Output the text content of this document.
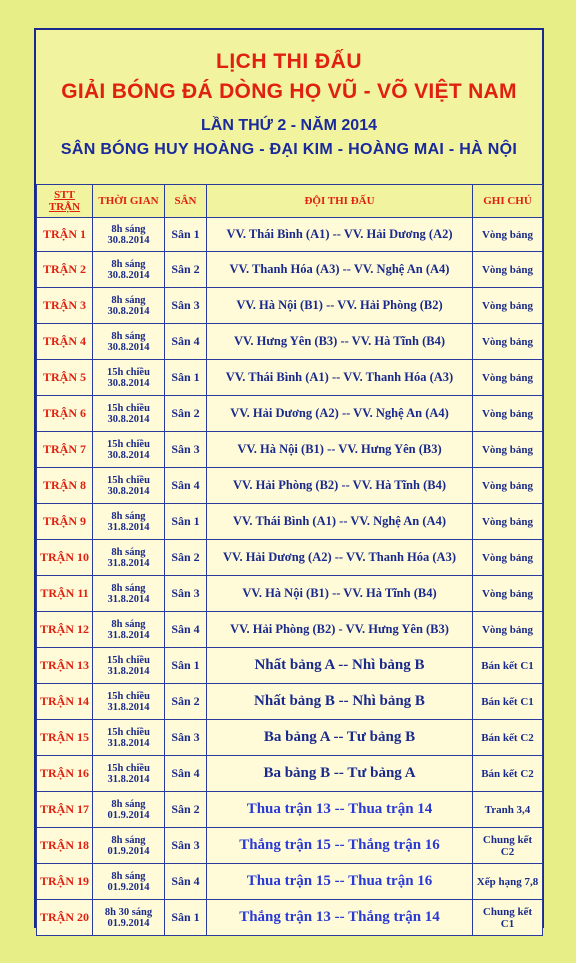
LỊCH THI ĐẤU
GIẢI BÓNG ĐÁ DÒNG HỌ VŨ - VÕ VIỆT NAM
LẦN THỨ 2 - NĂM 2014
SÂN BÓNG HUY HOÀNG - ĐẠI KIM - HOÀNG MAI - HÀ NỘI
STT
TRẬN	THỜI GIAN	SÂN	ĐỘI THI ĐẤU	GHI CHÚ

TRẬN 1	8h sáng
30.8.2014	Sân 1	VV. Thái Bình (A1) -- VV. Hải Dương (A2)	Vòng bảng

TRẬN 2	8h sáng
30.8.2014	Sân 2	VV. Thanh Hóa (A3) -- VV. Nghệ An (A4)	Vòng bảng

TRẬN 3	8h sáng
30.8.2014	Sân 3	VV. Hà Nội (B1) -- VV. Hải Phòng (B2)	Vòng bảng

TRẬN 4	8h sáng
30.8.2014	Sân 4	VV. Hưng Yên (B3) -- VV. Hà Tĩnh (B4)	Vòng bảng

TRẬN 5	15h chiều
30.8.2014	Sân 1	VV. Thái Bình (A1) -- VV. Thanh Hóa (A3)	Vòng bảng

TRẬN 6	15h chiều
30.8.2014	Sân 2	VV. Hải Dương (A2) -- VV. Nghệ An (A4)	Vòng bảng

TRẬN 7	15h chiều
30.8.2014	Sân 3	VV. Hà Nội (B1) -- VV. Hưng Yên (B3)	Vòng bảng

TRẬN 8	15h chiều
30.8.2014	Sân 4	VV. Hải Phòng (B2) -- VV. Hà Tĩnh (B4)	Vòng bảng

TRẬN 9	8h sáng
31.8.2014	Sân 1	VV. Thái Bình (A1) -- VV. Nghệ An (A4)	Vòng bảng

TRẬN 10	8h sáng
31.8.2014	Sân 2	VV. Hải Dương (A2) -- VV. Thanh Hóa (A3)	Vòng bảng

TRẬN 11	8h sáng
31.8.2014	Sân 3	VV. Hà Nội (B1) -- VV. Hà Tĩnh (B4)	Vòng bảng

TRẬN 12	8h sáng
31.8.2014	Sân 4	VV. Hải Phòng (B2) - VV. Hưng Yên (B3)	Vòng bảng

TRẬN 13	15h chiều
31.8.2014	Sân 1	Nhất bảng A -- Nhì bảng B	Bán kết C1

TRẬN 14	15h chiều
31.8.2014	Sân 2	Nhất bảng B -- Nhì bảng B	Bán kết C1

TRẬN 15	15h chiều
31.8.2014	Sân 3	Ba bảng A -- Tư bảng B	Bán kết C2

TRẬN 16	15h chiều
31.8.2014	Sân 4	Ba bảng B -- Tư bảng A	Bán kết C2

TRẬN 17	8h sáng
01.9.2014	Sân 2	Thua trận 13 -- Thua trận 14	Tranh 3,4

TRẬN 18	8h sáng
01.9.2014	Sân 3	Thắng trận 15 -- Thắng trận 16	Chung kết
C2

TRẬN 19	8h sáng
01.9.2014	Sân 4	Thua trận 15 -- Thua trận 16	Xếp hạng 7,8

TRẬN 20	8h 30 sáng
01.9.2014	Sân 1	Thắng trận 13 -- Thắng trận 14	Chung kết
C1
